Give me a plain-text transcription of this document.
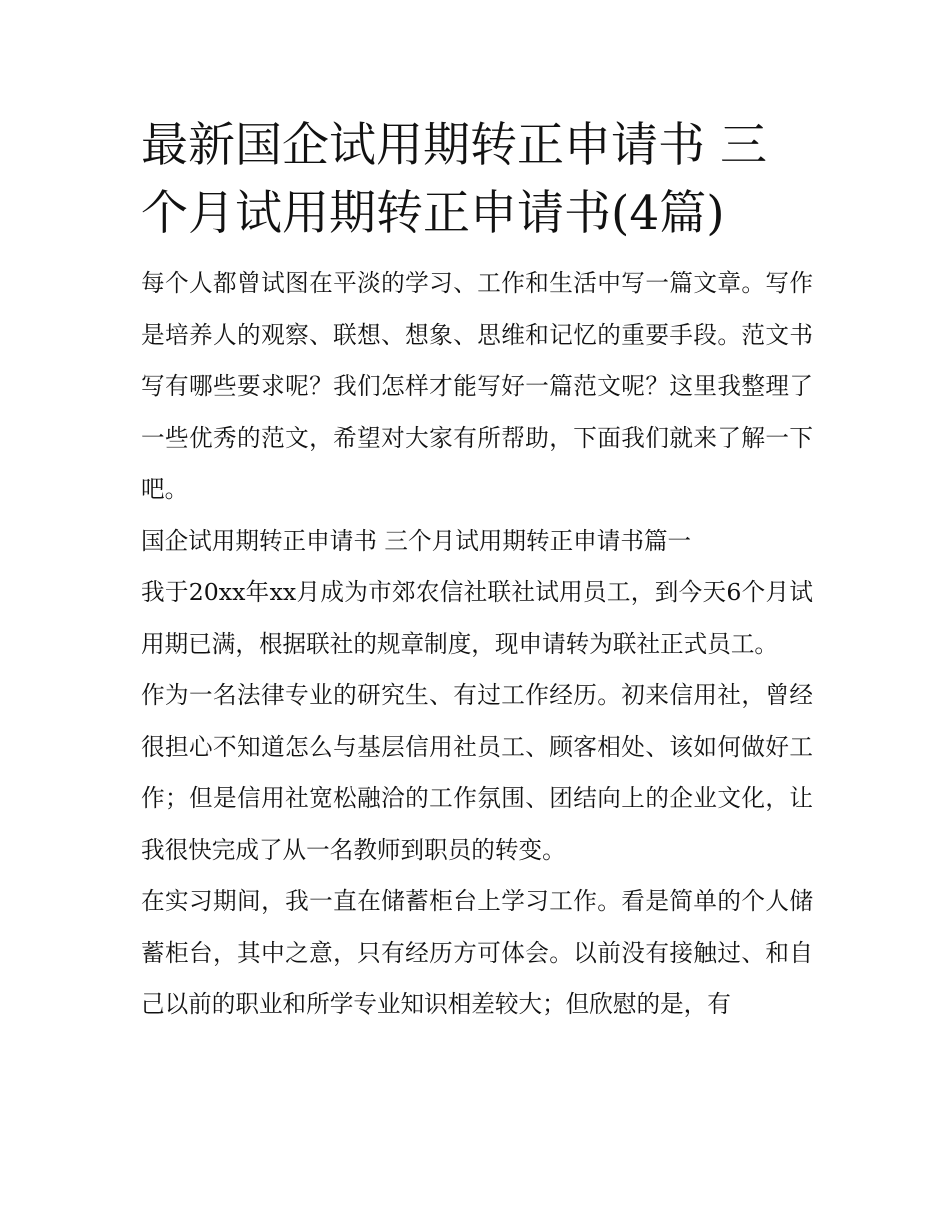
最新国企试用期转正申请书 三个月试用期转正申请书(4篇)

每个人都曾试图在平淡的学习、工作和生活中写一篇文章。写作是培养人的观察、联想、想象、思维和记忆的重要手段。范文书写有哪些要求呢？我们怎样才能写好一篇范文呢？这里我整理了一些优秀的范文，希望对大家有所帮助，下面我们就来了解一下吧。

国企试用期转正申请书 三个月试用期转正申请书篇一

我于20xx年xx月成为市郊农信社联社试用员工，到今天6个月试用期已满，根据联社的规章制度，现申请转为联社正式员工。

作为一名法律专业的研究生、有过工作经历。初来信用社，曾经很担心不知道怎么与基层信用社员工、顾客相处、该如何做好工作；但是信用社宽松融洽的工作氛围、团结向上的企业文化，让我很快完成了从一名教师到职员的转变。

在实习期间，我一直在储蓄柜台上学习工作。看是简单的个人储蓄柜台，其中之意，只有经历方可体会。以前没有接触过、和自己以前的职业和所学专业知识相差较大；但欣慰的是，有
